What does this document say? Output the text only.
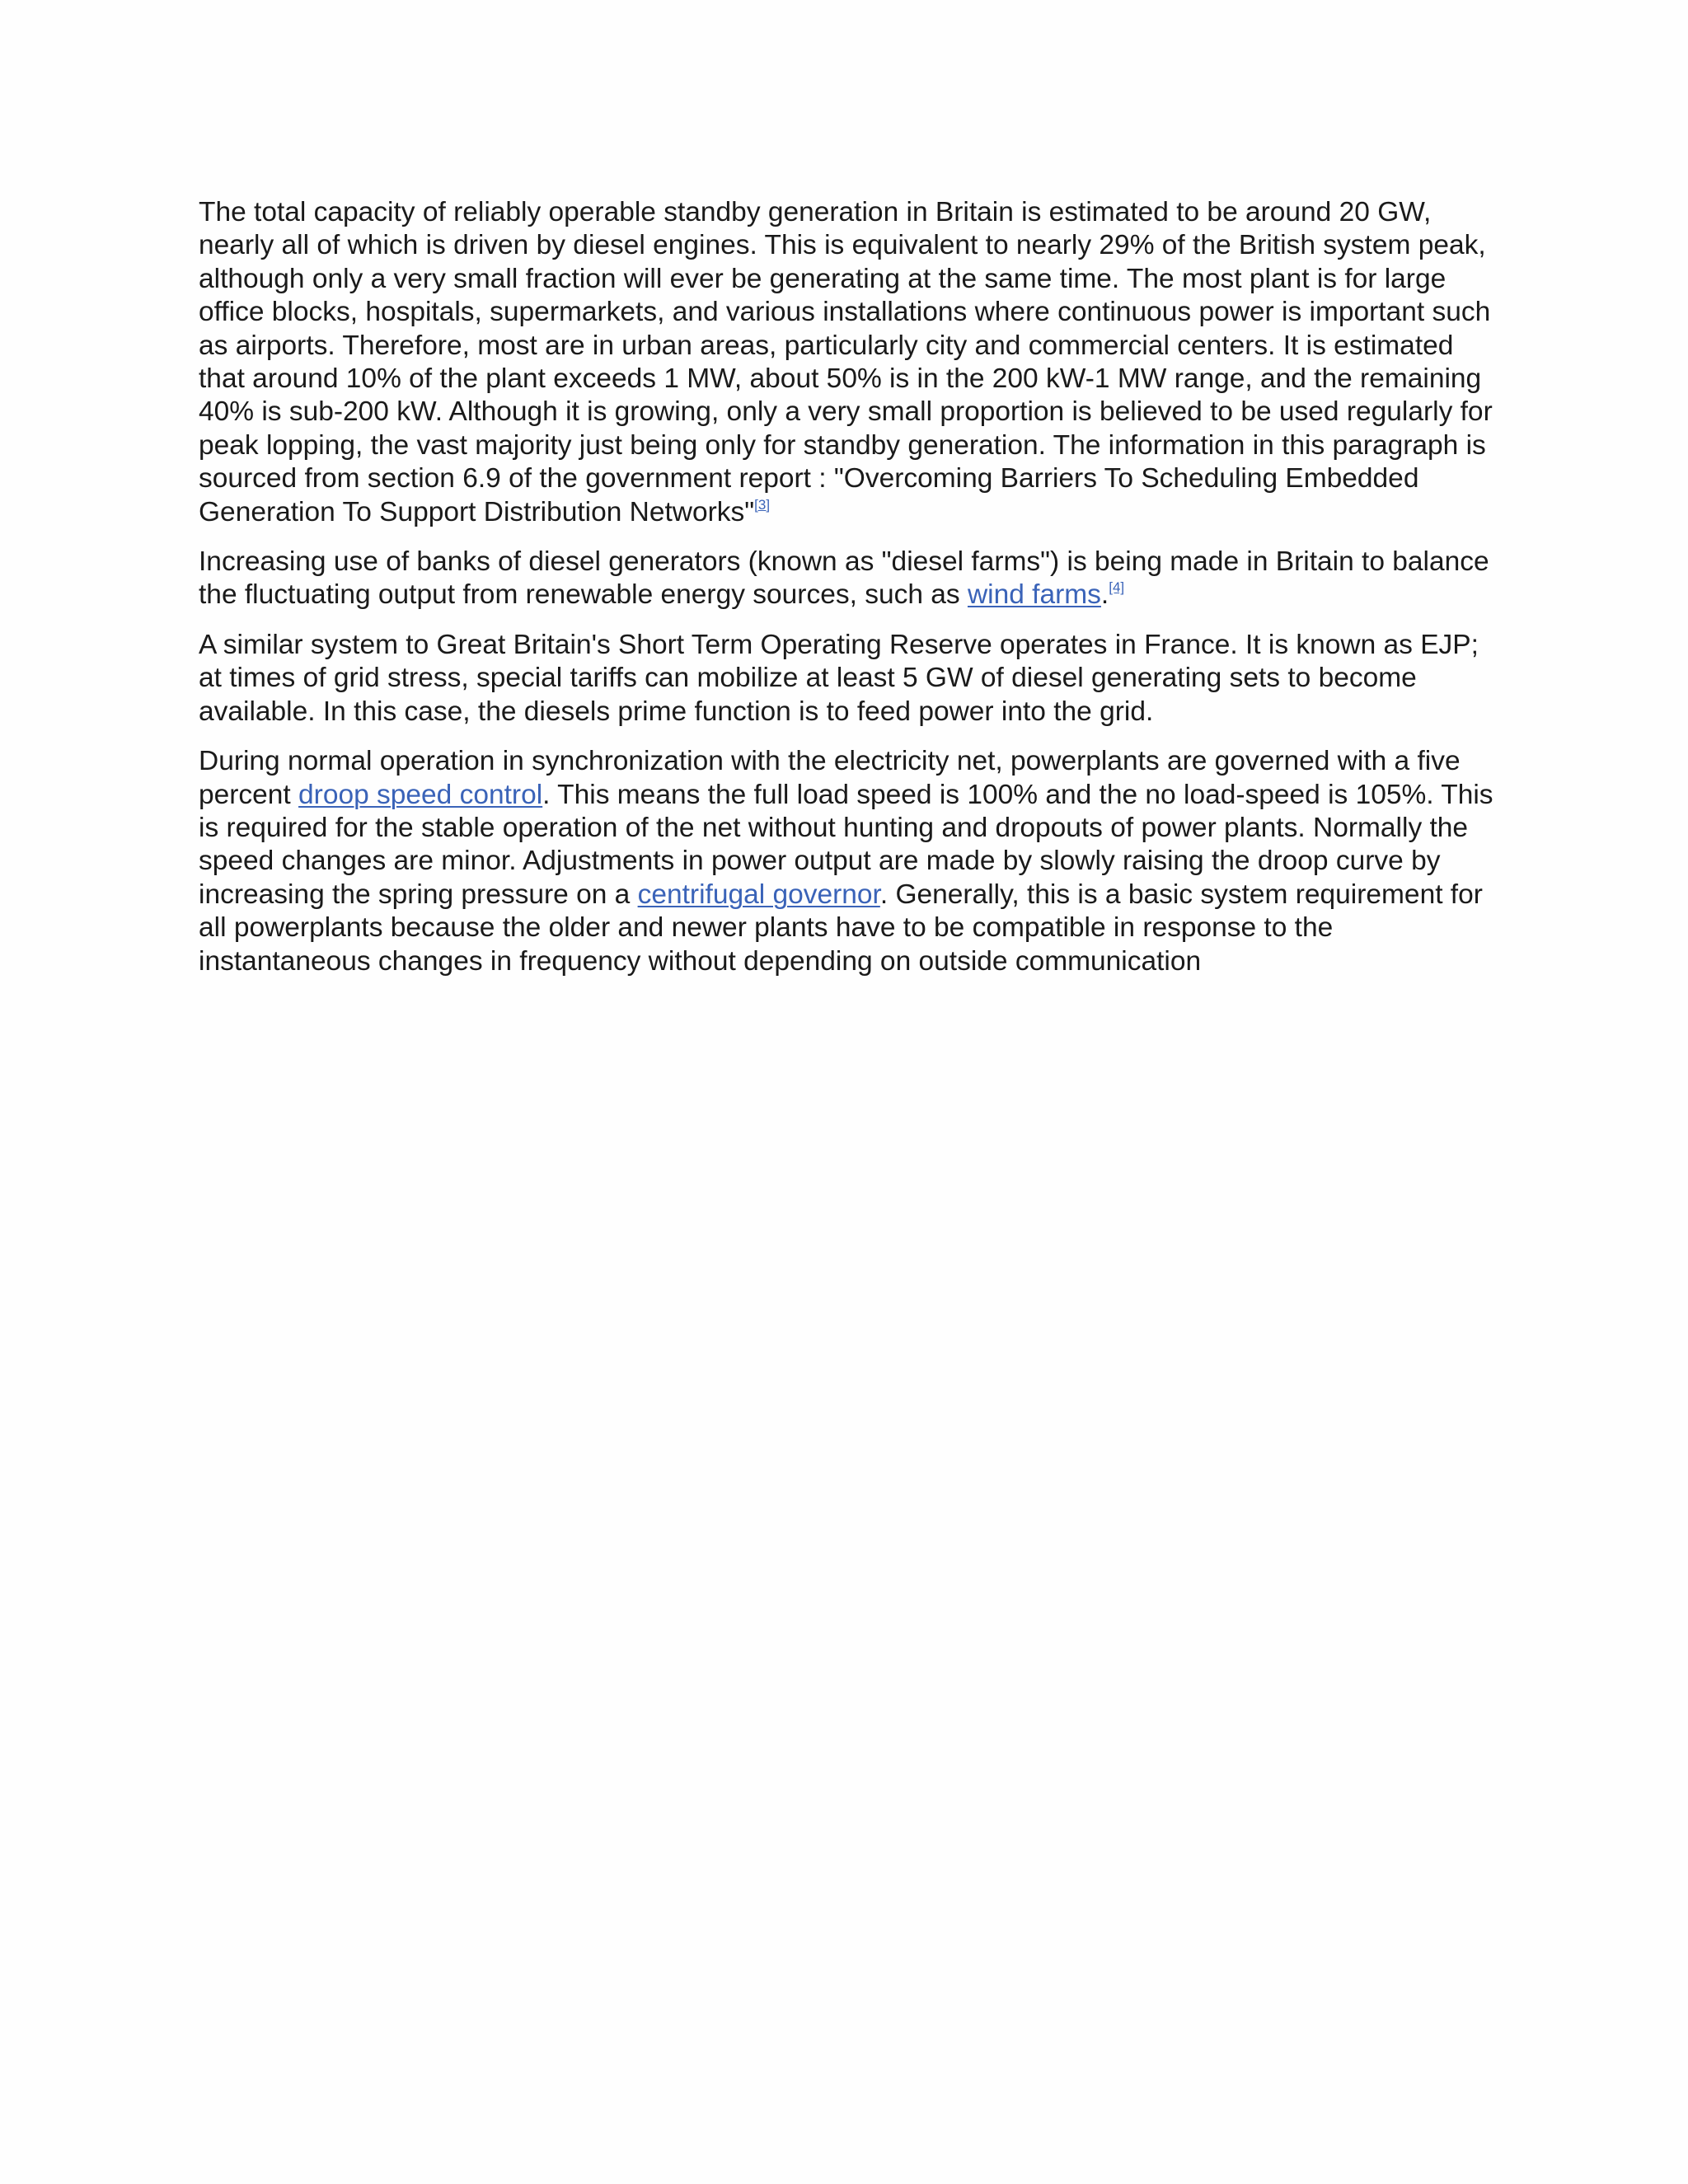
The total capacity of reliably operable standby generation in Britain is estimated to be around 20 GW, nearly all of which is driven by diesel engines. This is equivalent to nearly 29% of the British system peak, although only a very small fraction will ever be generating at the same time. The most plant is for large office blocks, hospitals, supermarkets, and various installations where continuous power is important such as airports. Therefore, most are in urban areas, particularly city and commercial centers. It is estimated that around 10% of the plant exceeds 1 MW, about 50% is in the 200 kW-1 MW range, and the remaining 40% is sub-200 kW. Although it is growing, only a very small proportion is believed to be used regularly for peak lopping, the vast majority just being only for standby generation. The information in this paragraph is sourced from section 6.9 of the government report : "Overcoming Barriers To Scheduling Embedded Generation To Support Distribution Networks"[3]

Increasing use of banks of diesel generators (known as "diesel farms") is being made in Britain to balance the fluctuating output from renewable energy sources, such as wind farms.[4]

A similar system to Great Britain's Short Term Operating Reserve operates in France. It is known as EJP; at times of grid stress, special tariffs can mobilize at least 5 GW of diesel generating sets to become available. In this case, the diesels prime function is to feed power into the grid.

During normal operation in synchronization with the electricity net, powerplants are governed with a five percent droop speed control. This means the full load speed is 100% and the no load-speed is 105%. This is required for the stable operation of the net without hunting and dropouts of power plants. Normally the speed changes are minor. Adjustments in power output are made by slowly raising the droop curve by increasing the spring pressure on a centrifugal governor. Generally, this is a basic system requirement for all powerplants because the older and newer plants have to be compatible in response to the instantaneous changes in frequency without depending on outside communication
